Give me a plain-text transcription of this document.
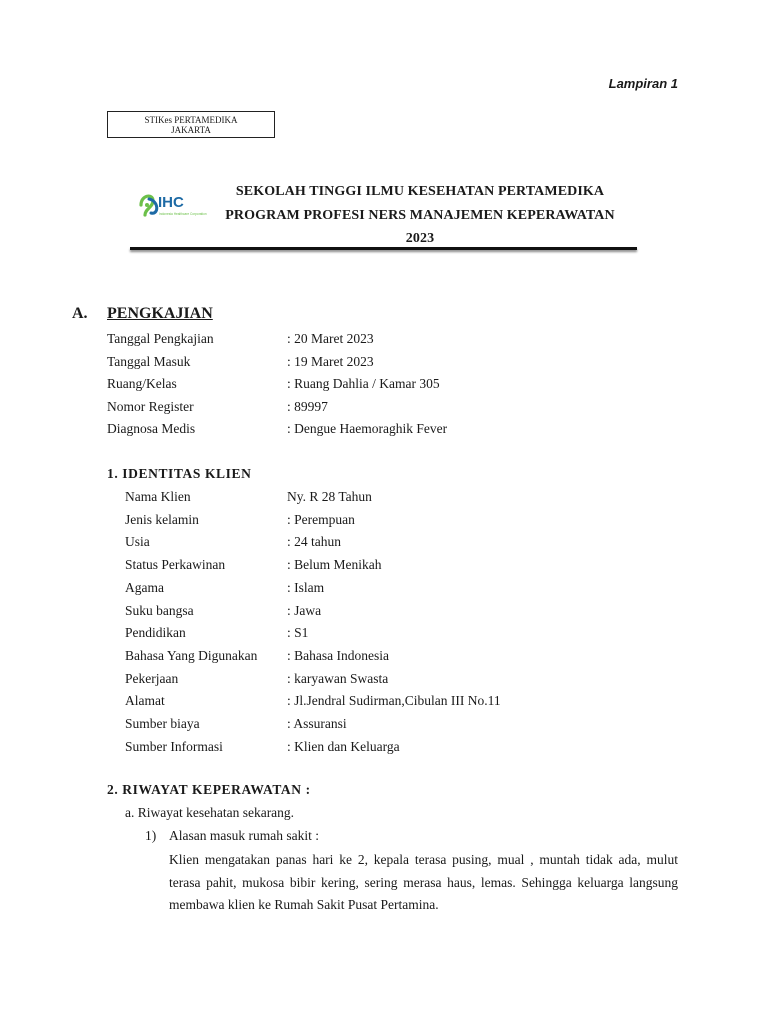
Lampiran 1
STIKes PERTAMEDIKA
JAKARTA
IHC
Indonesia Healthcare Corporation
SEKOLAH TINGGI ILMU KESEHATAN PERTAMEDIKA
PROGRAM PROFESI NERS MANAJEMEN KEPERAWATAN
2023
A. PENGKAJIAN
Tanggal Pengkajian	: 20 Maret 2023
Tanggal Masuk	: 19 Maret 2023
Ruang/Kelas	: Ruang Dahlia / Kamar 305
Nomor Register	: 89997
Diagnosa Medis	: Dengue Haemoraghik Fever
1. IDENTITAS KLIEN
Nama Klien	Ny. R 28 Tahun
Jenis kelamin	: Perempuan
Usia	: 24 tahun
Status Perkawinan	: Belum Menikah
Agama	: Islam
Suku bangsa	: Jawa
Pendidikan	: S1
Bahasa Yang Digunakan : Bahasa Indonesia
Pekerjaan	: karyawan Swasta
Alamat	: Jl.Jendral Sudirman,Cibulan III No.11
Sumber biaya	: Assuransi
Sumber Informasi	: Klien dan Keluarga
2. RIWAYAT KEPERAWATAN :
a. Riwayat kesehatan sekarang.
1) Alasan masuk rumah sakit :
Klien mengatakan panas hari ke 2, kepala terasa pusing, mual , muntah tidak ada, mulut terasa pahit, mukosa bibir kering, sering merasa haus, lemas. Sehingga keluarga langsung membawa klien ke Rumah Sakit Pusat Pertamina.
